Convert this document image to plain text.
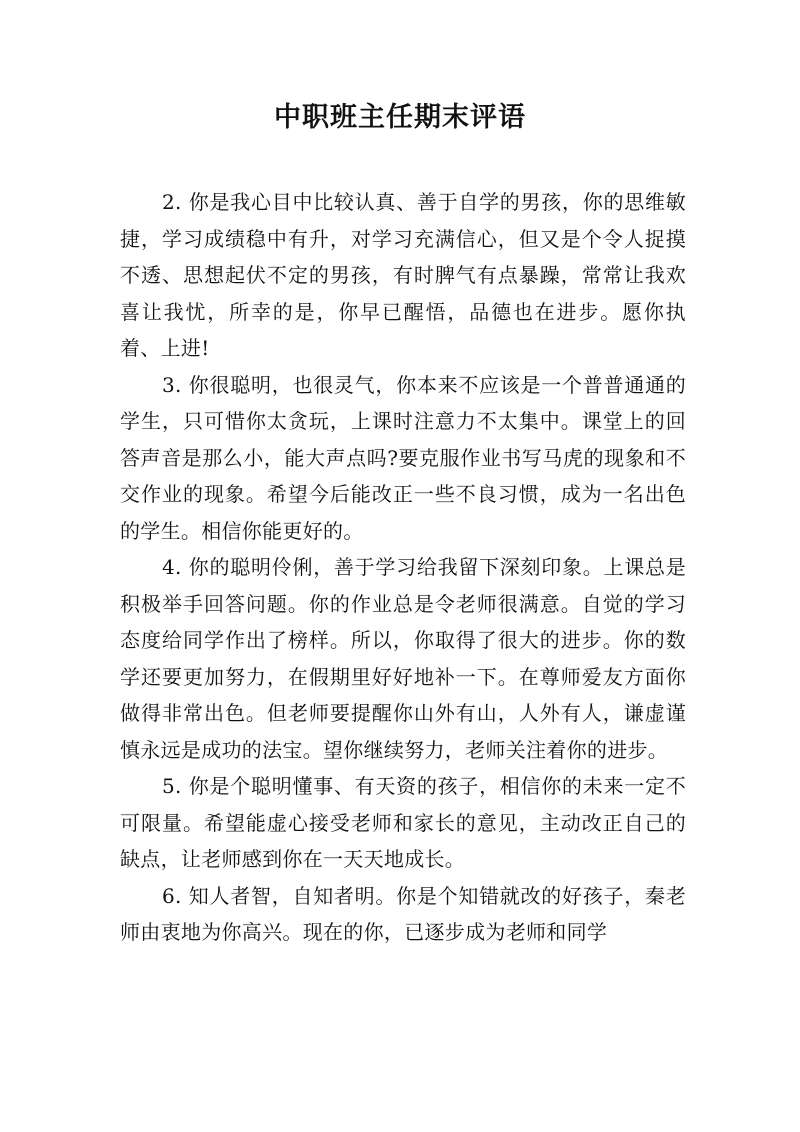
中职班主任期末评语

2. 你是我心目中比较认真、善于自学的男孩，你的思维敏捷，学习成绩稳中有升，对学习充满信心，但又是个令人捉摸不透、思想起伏不定的男孩，有时脾气有点暴躁，常常让我欢喜让我忧，所幸的是，你早已醒悟，品德也在进步。愿你执着、上进!

3. 你很聪明，也很灵气，你本来不应该是一个普普通通的学生，只可惜你太贪玩，上课时注意力不太集中。课堂上的回答声音是那么小，能大声点吗?要克服作业书写马虎的现象和不交作业的现象。希望今后能改正一些不良习惯，成为一名出色的学生。相信你能更好的。

4. 你的聪明伶俐，善于学习给我留下深刻印象。上课总是积极举手回答问题。你的作业总是令老师很满意。自觉的学习态度给同学作出了榜样。所以，你取得了很大的进步。你的数学还要更加努力，在假期里好好地补一下。在尊师爱友方面你做得非常出色。但老师要提醒你山外有山，人外有人，谦虚谨慎永远是成功的法宝。望你继续努力，老师关注着你的进步。

5. 你是个聪明懂事、有天资的孩子，相信你的未来一定不可限量。希望能虚心接受老师和家长的意见，主动改正自己的缺点，让老师感到你在一天天地成长。

6. 知人者智，自知者明。你是个知错就改的好孩子，秦老师由衷地为你高兴。现在的你，已逐步成为老师和同学
